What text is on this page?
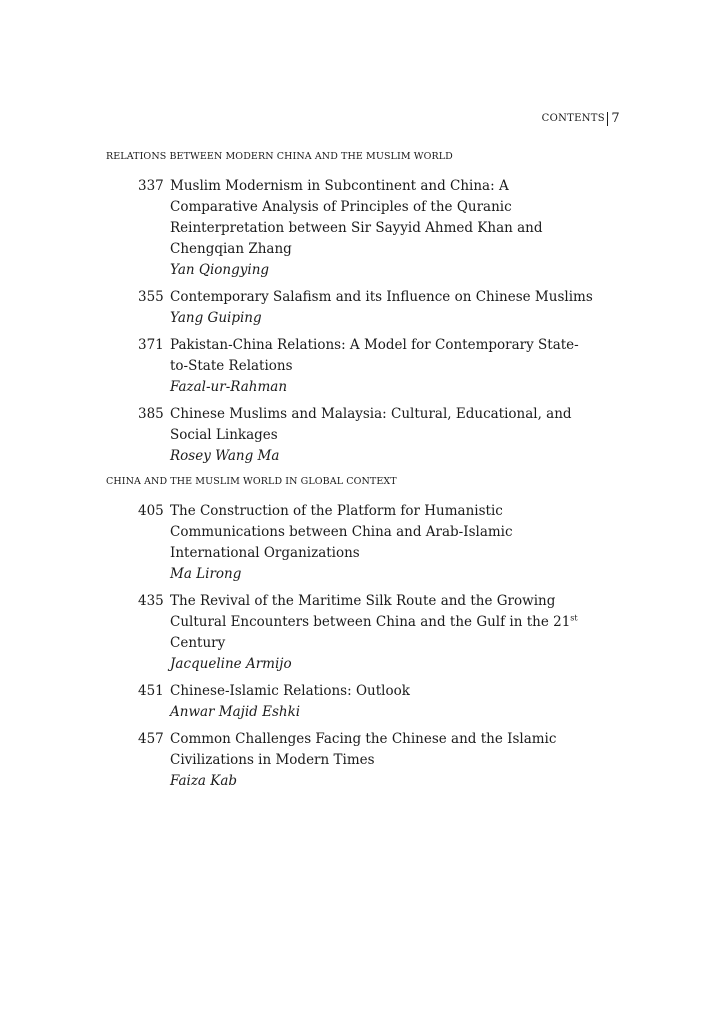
CONTENTS 7
RELATIONS BETWEEN MODERN CHINA AND THE MUSLIM WORLD
337 Muslim Modernism in Subcontinent and China: A Comparative Analysis of Principles of the Quranic Reinterpretation between Sir Sayyid Ahmed Khan and Chengqian Zhang
Yan Qiongying
355 Contemporary Salafism and its Influence on Chinese Muslims
Yang Guiping
371 Pakistan-China Relations: A Model for Contemporary State-to-State Relations
Fazal-ur-Rahman
385 Chinese Muslims and Malaysia: Cultural, Educational, and Social Linkages
Rosey Wang Ma
CHINA AND THE MUSLIM WORLD IN GLOBAL CONTEXT
405 The Construction of the Platform for Humanistic Communications between China and Arab-Islamic International Organizations
Ma Lirong
435 The Revival of the Maritime Silk Route and the Growing Cultural Encounters between China and the Gulf in the 21st Century
Jacqueline Armijo
451 Chinese-Islamic Relations: Outlook
Anwar Majid Eshki
457 Common Challenges Facing the Chinese and the Islamic Civilizations in Modern Times
Faiza Kab
